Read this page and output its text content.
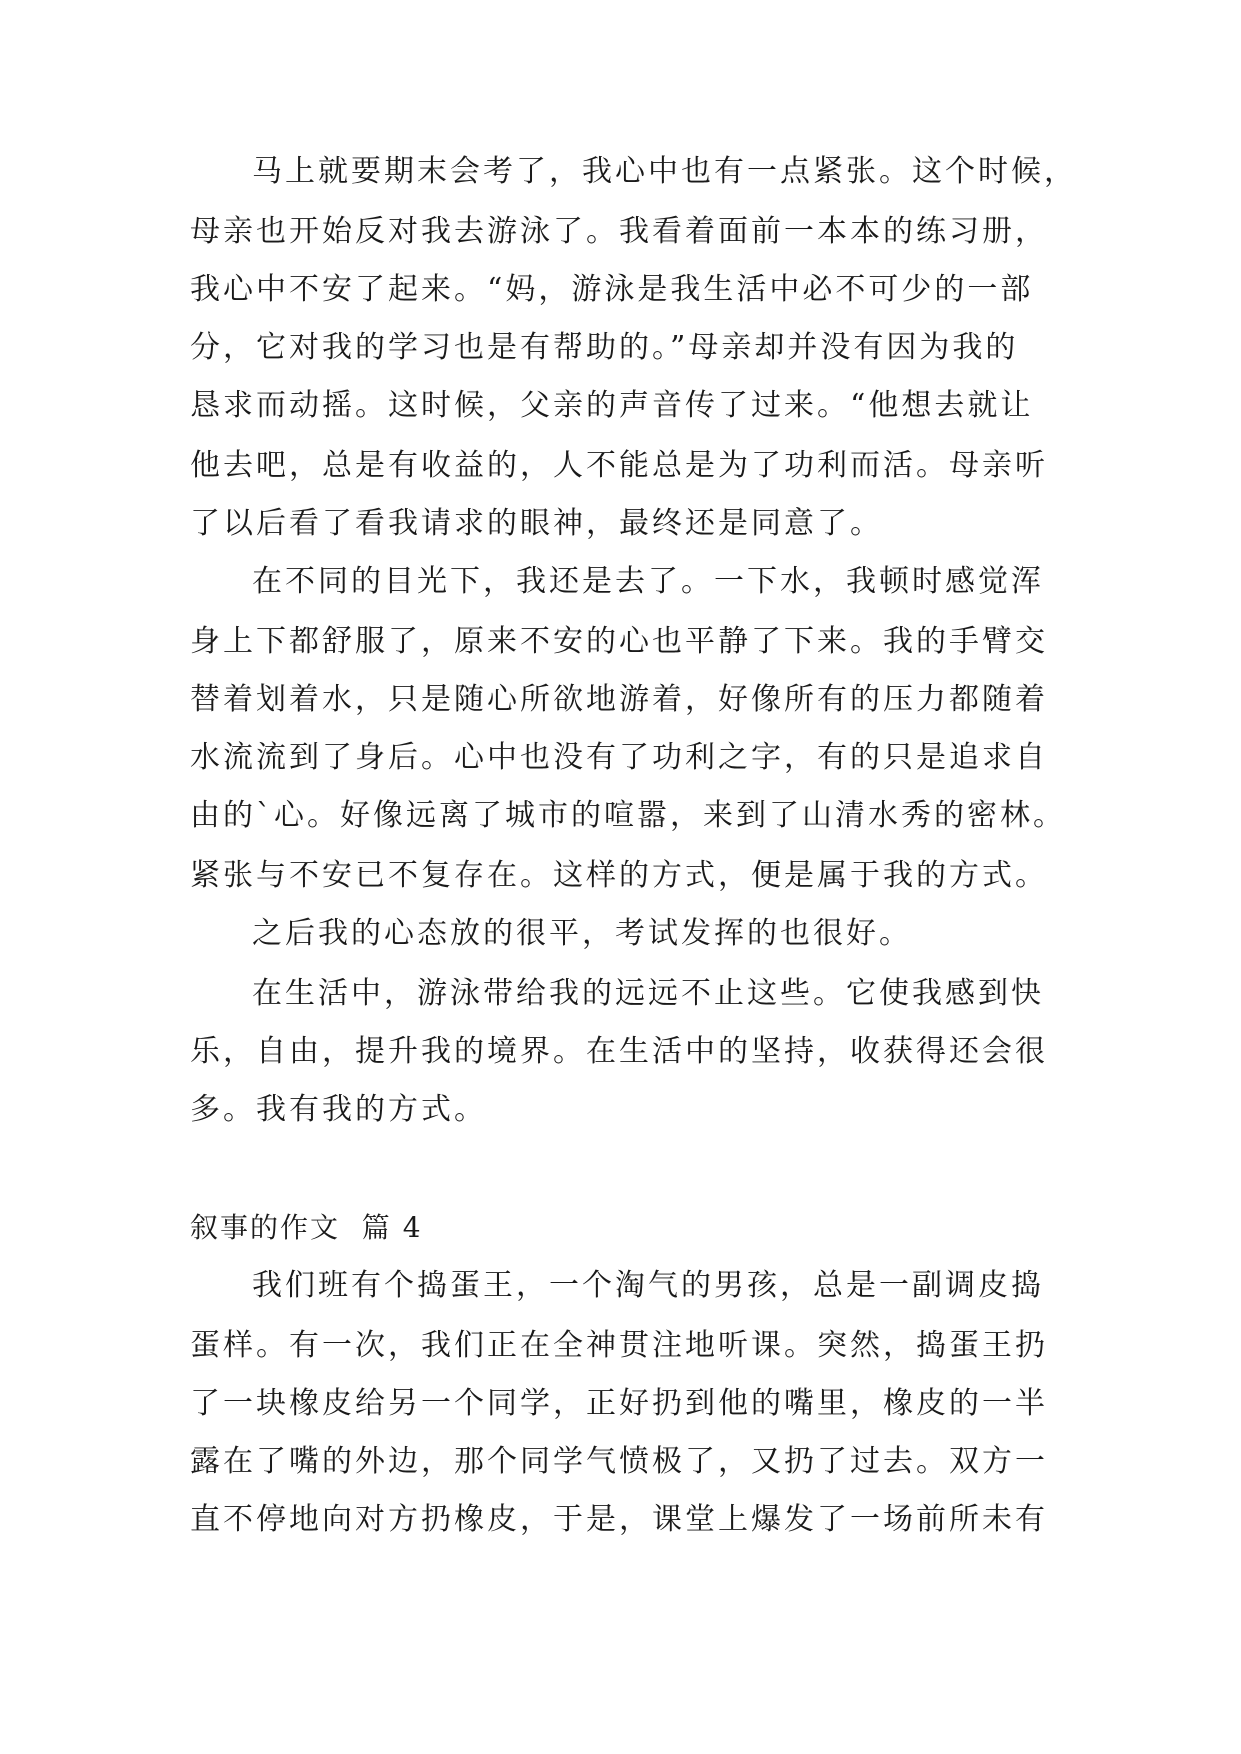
马上就要期末会考了，我心中也有一点紧张。这个时候，
母亲也开始反对我去游泳了。我看着面前一本本的练习册，
我心中不安了起来。“妈，游泳是我生活中必不可少的一部
分，它对我的学习也是有帮助的。”母亲却并没有因为我的
恳求而动摇。这时候，父亲的声音传了过来。“他想去就让
他去吧，总是有收益的，人不能总是为了功利而活。母亲听
了以后看了看我请求的眼神，最终还是同意了。
在不同的目光下，我还是去了。一下水，我顿时感觉浑
身上下都舒服了，原来不安的心也平静了下来。我的手臂交
替着划着水，只是随心所欲地游着，好像所有的压力都随着
水流流到了身后。心中也没有了功利之字，有的只是追求自
由的`心。好像远离了城市的喧嚣，来到了山清水秀的密林。
紧张与不安已不复存在。这样的方式，便是属于我的方式。
之后我的心态放的很平，考试发挥的也很好。
在生活中，游泳带给我的远远不止这些。它使我感到快
乐，自由，提升我的境界。在生活中的坚持，收获得还会很
多。我有我的方式。
叙事的作文  篇 4
我们班有个捣蛋王，一个淘气的男孩，总是一副调皮捣
蛋样。有一次，我们正在全神贯注地听课。突然，捣蛋王扔
了一块橡皮给另一个同学，正好扔到他的嘴里，橡皮的一半
露在了嘴的外边，那个同学气愤极了，又扔了过去。双方一
直不停地向对方扔橡皮，于是，课堂上爆发了一场前所未有
